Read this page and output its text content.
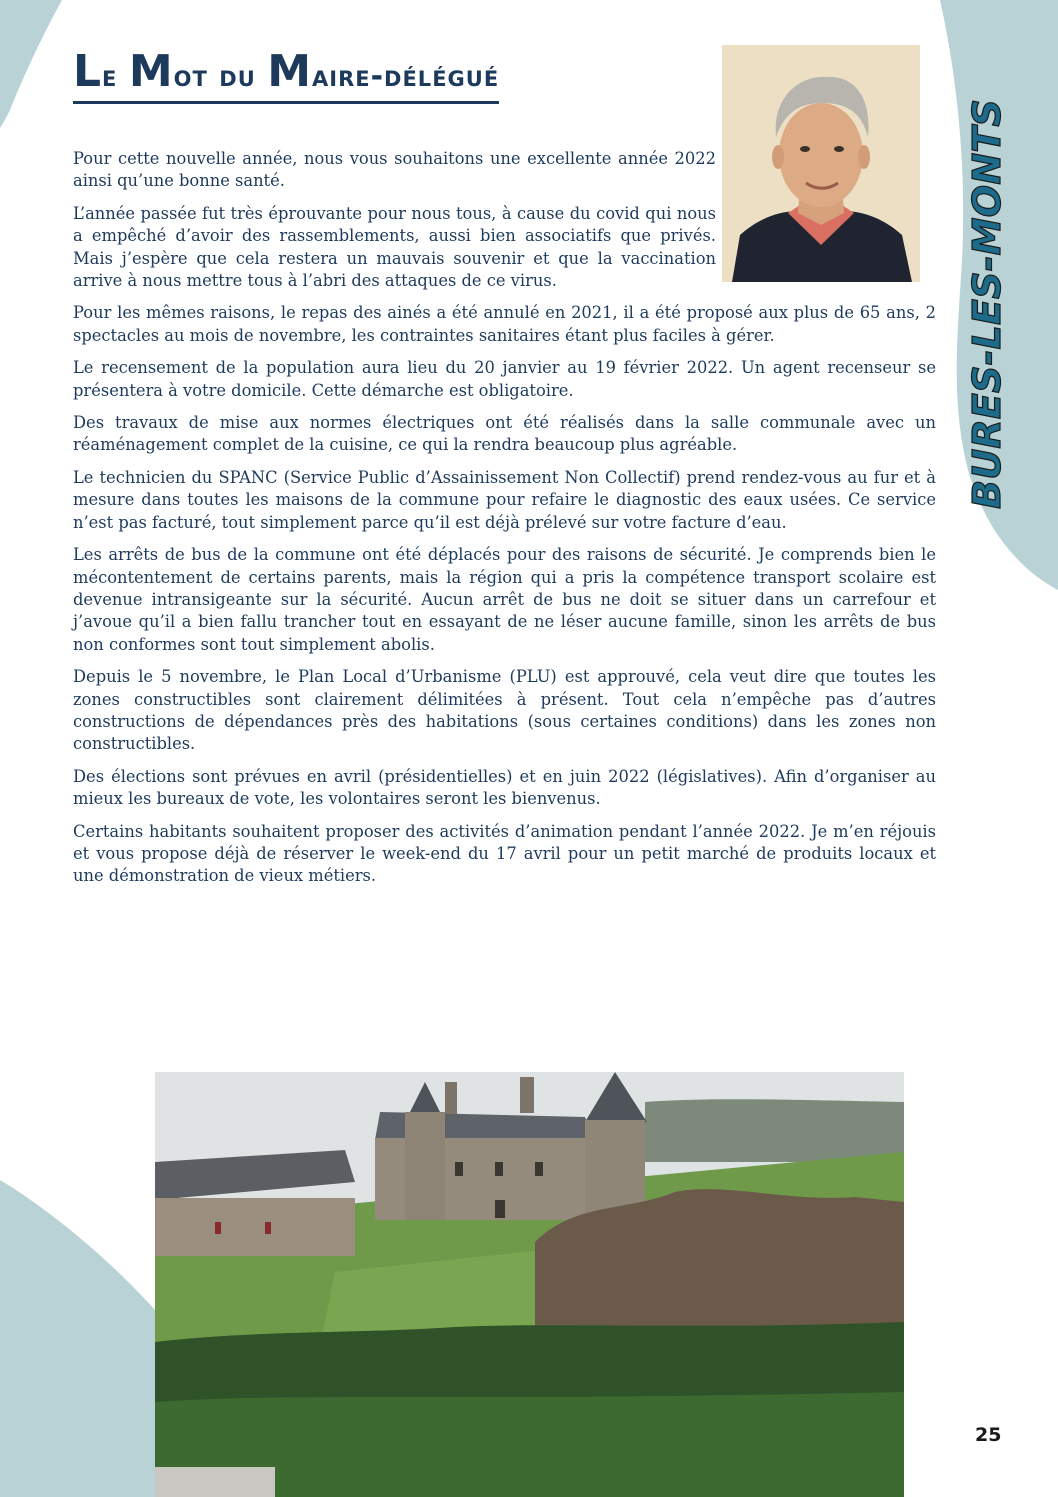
Le Mot du Maire-délégué
BURES-LES-MONTS

Pour cette nouvelle année, nous vous souhaitons une excellente année 2022 ainsi qu’une bonne santé.

L’année passée fut très éprouvante pour nous tous, à cause du covid qui nous a empêché d’avoir des rassemblements, aussi bien associatifs que privés. Mais j’espère que cela restera un mauvais souvenir et que la vaccination arrive à nous mettre tous à l’abri des attaques de ce virus.

Pour les mêmes raisons, le repas des ainés a été annulé en 2021, il a été proposé aux plus de 65 ans, 2 spectacles au mois de novembre, les contraintes sanitaires étant plus faciles à gérer.

Le recensement de la population aura lieu du 20 janvier au 19 février 2022. Un agent recenseur se présentera à votre domicile. Cette démarche est obligatoire.

Des travaux de mise aux normes électriques ont été réalisés dans la salle communale avec un réaménagement complet de la cuisine, ce qui la rendra beaucoup plus agréable.

Le technicien du SPANC (Service Public d’Assainissement Non Collectif) prend rendez-vous au fur et à mesure dans toutes les maisons de la commune pour refaire le diagnostic des eaux usées. Ce service n’est pas facturé, tout simplement parce qu’il est déjà prélevé sur votre facture d’eau.

Les arrêts de bus de la commune ont été déplacés pour des raisons de sécurité. Je comprends bien le mécontentement de certains parents, mais la région qui a pris la compétence transport scolaire est devenue intransigeante sur la sécurité. Aucun arrêt de bus ne doit se situer dans un carrefour et j’avoue qu’il a bien fallu trancher tout en essayant de ne léser aucune famille, sinon les arrêts de bus non conformes sont tout simplement abolis.

Depuis le 5 novembre, le Plan Local d’Urbanisme (PLU) est approuvé, cela veut dire que toutes les zones constructibles sont clairement délimitées à présent. Tout cela n’empêche pas d’autres constructions de dépendances près des habitations (sous certaines conditions) dans les zones non constructibles.

Des élections sont prévues en avril (présidentielles) et en juin 2022 (législatives). Afin d’organiser au mieux les bureaux de vote, les volontaires seront les bienvenus.

Certains habitants souhaitent proposer des activités d’animation pendant l’année 2022. Je m’en réjouis et vous propose déjà de réserver le week-end du 17 avril pour un petit marché de produits locaux et une démonstration de vieux métiers.

25
